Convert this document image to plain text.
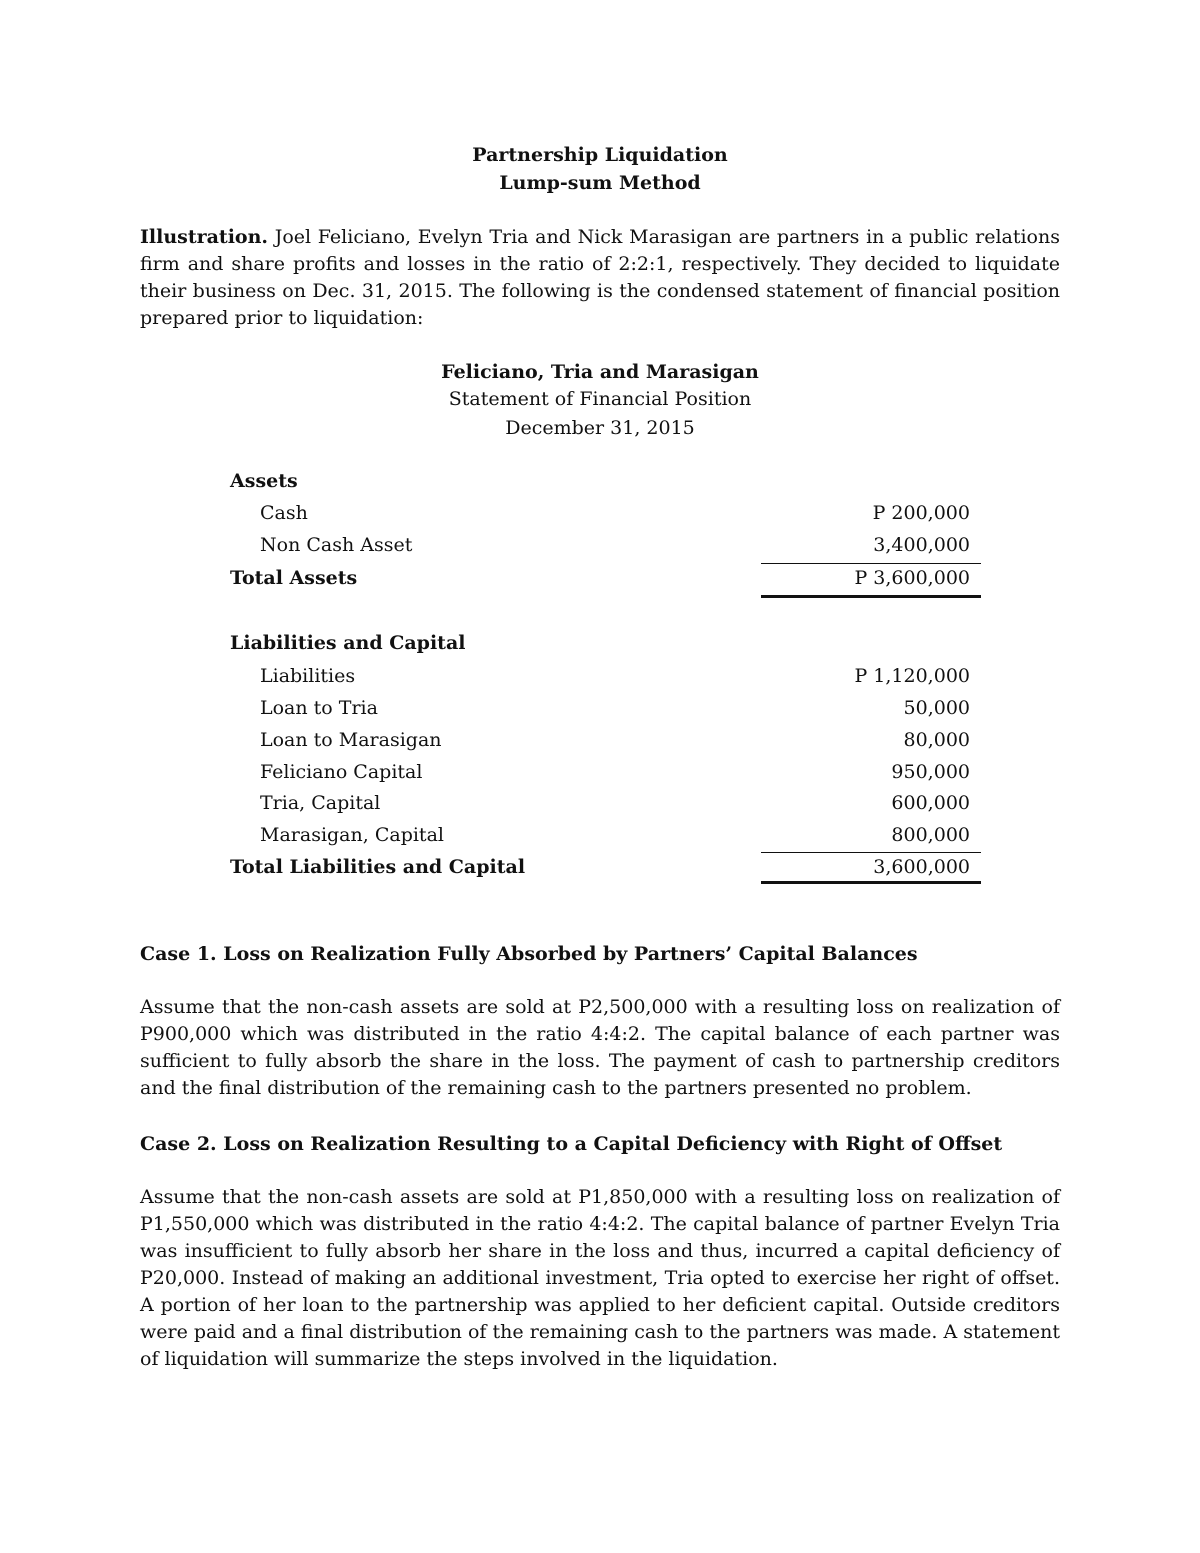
Partnership Liquidation
Lump-sum Method
Illustration. Joel Feliciano, Evelyn Tria and Nick Marasigan are partners in a public relations firm and share profits and losses in the ratio of 2:2:1, respectively. They decided to liquidate their business on Dec. 31, 2015. The following is the condensed statement of financial position prepared prior to liquidation:
Feliciano, Tria and Marasigan
Statement of Financial Position
December 31, 2015
Assets
Cash	P 200,000
Non Cash Asset	3,400,000
Total Assets	P 3,600,000
Liabilities and Capital
Liabilities	P 1,120,000
Loan to Tria	50,000
Loan to Marasigan	80,000
Feliciano Capital	950,000
Tria, Capital	600,000
Marasigan, Capital	800,000
Total Liabilities and Capital	3,600,000
Case 1. Loss on Realization Fully Absorbed by Partners’ Capital Balances
Assume that the non-cash assets are sold at P2,500,000 with a resulting loss on realization of P900,000 which was distributed in the ratio 4:4:2. The capital balance of each partner was sufficient to fully absorb the share in the loss. The payment of cash to partnership creditors and the final distribution of the remaining cash to the partners presented no problem.
Case 2. Loss on Realization Resulting to a Capital Deficiency with Right of Offset
Assume that the non-cash assets are sold at P1,850,000 with a resulting loss on realization of P1,550,000 which was distributed in the ratio 4:4:2. The capital balance of partner Evelyn Tria was insufficient to fully absorb her share in the loss and thus, incurred a capital deficiency of P20,000. Instead of making an additional investment, Tria opted to exercise her right of offset. A portion of her loan to the partnership was applied to her deficient capital. Outside creditors were paid and a final distribution of the remaining cash to the partners was made. A statement of liquidation will summarize the steps involved in the liquidation.
